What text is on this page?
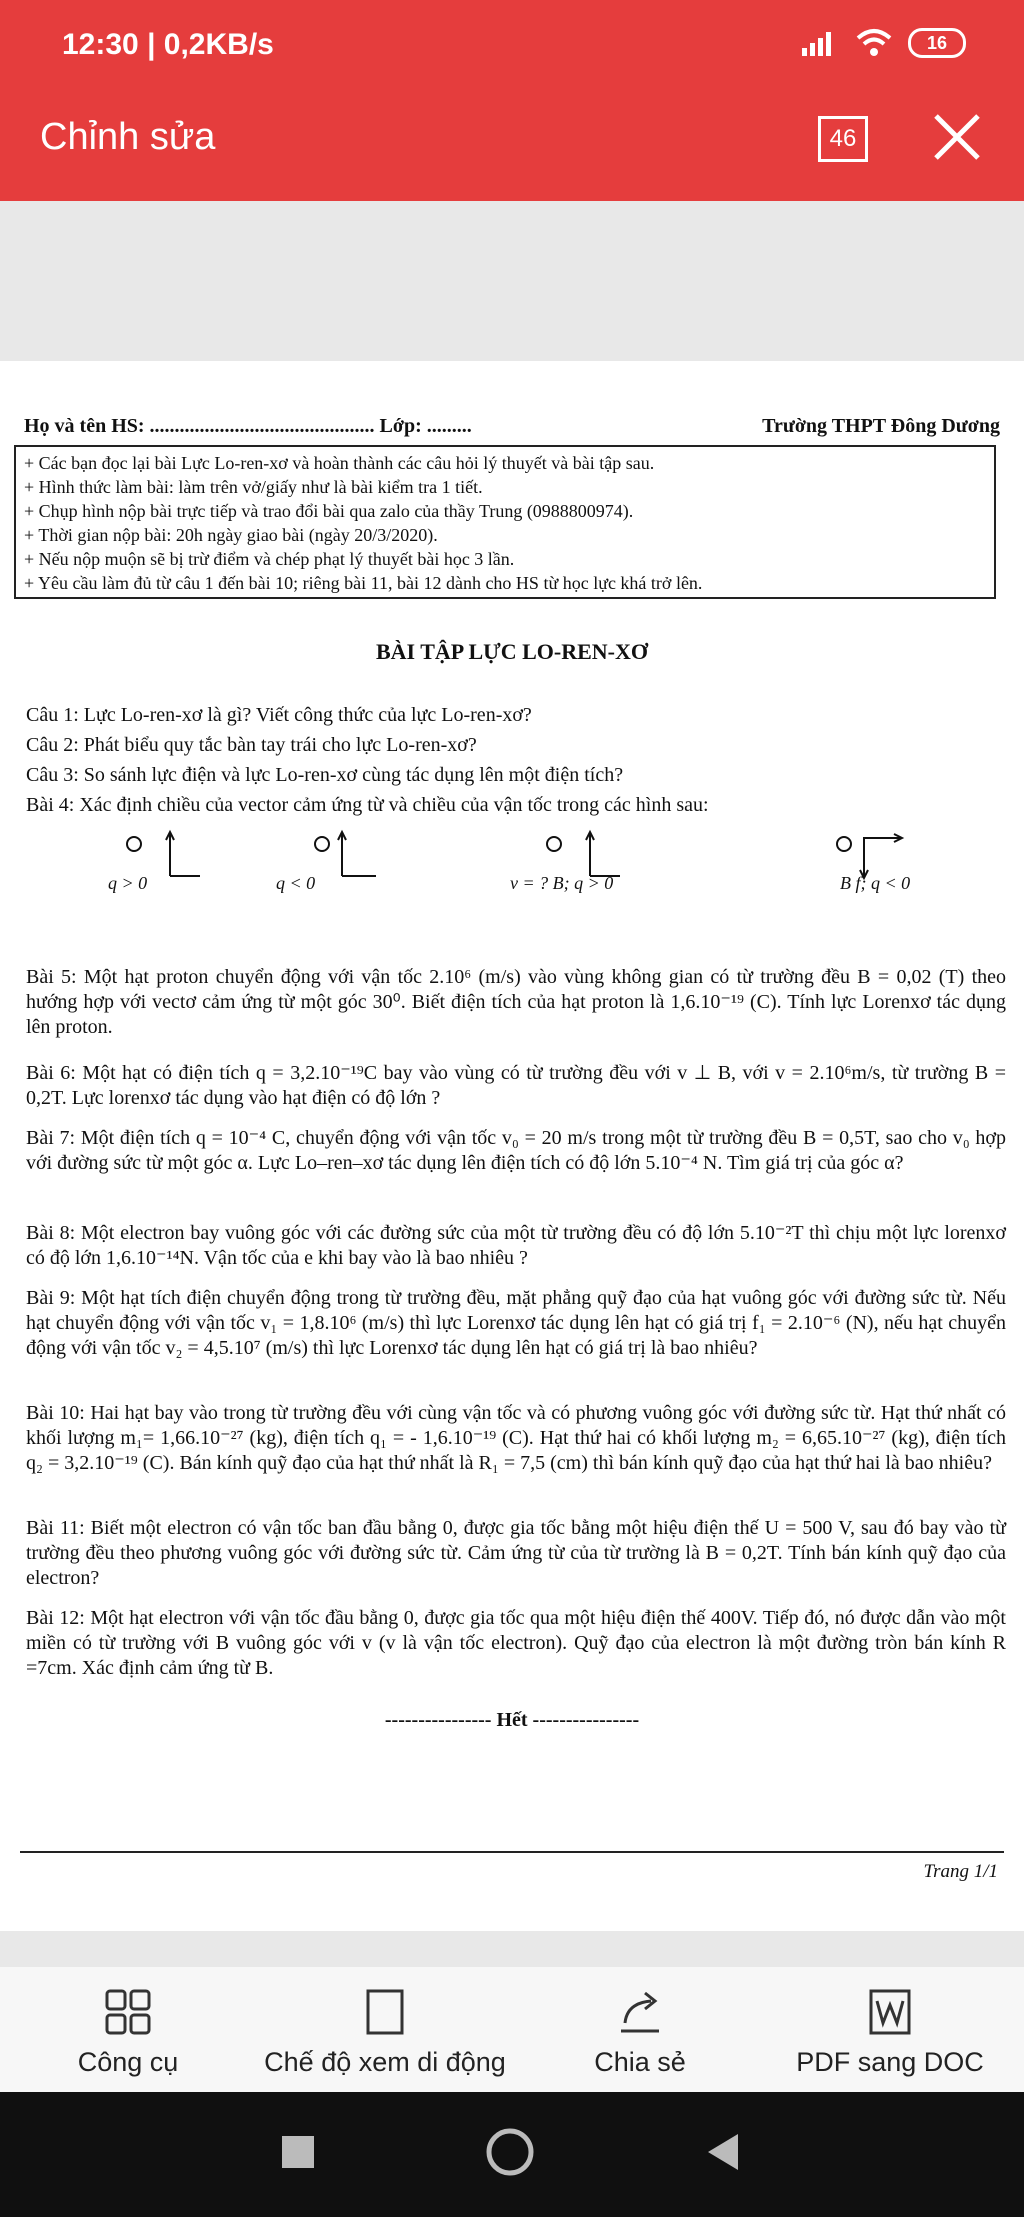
12:30 | 0,2KB/s	16
Chỉnh sửa	46
Họ và tên HS: ............................................. Lớp: .........	Trường THPT Đông Dương
+ Các bạn đọc lại bài Lực Lo-ren-xơ và hoàn thành các câu hỏi lý thuyết và bài tập sau.
+ Hình thức làm bài: làm trên vở/giấy như là bài kiểm tra 1 tiết.
+ Chụp hình nộp bài trực tiếp và trao đổi bài qua zalo của thầy Trung (0988800974).
+ Thời gian nộp bài: 20h ngày giao bài (ngày 20/3/2020).
+ Nếu nộp muộn sẽ bị trừ điểm và chép phạt lý thuyết bài học 3 lần.
+ Yêu cầu làm đủ từ câu 1 đến bài 10; riêng bài 11, bài 12 dành cho HS từ học lực khá trở lên.
BÀI TẬP LỰC LO-REN-XƠ
Câu 1: Lực Lo-ren-xơ là gì? Viết công thức của lực Lo-ren-xơ?
Câu 2: Phát biểu quy tắc bàn tay trái cho lực Lo-ren-xơ?
Câu 3: So sánh lực điện và lực Lo-ren-xơ cùng tác dụng lên một điện tích?
Bài 4: Xác định chiều của vector cảm ứng từ và chiều của vận tốc trong các hình sau:
q > 0	q < 0	v = ? B; q > 0	B f; q < 0
Bài 5: Một hạt proton chuyển động với vận tốc 2.10⁶ (m/s) vào vùng không gian có từ trường đều B = 0,02 (T) theo hướng hợp với vectơ cảm ứng từ một góc 30⁰. Biết điện tích của hạt proton là 1,6.10⁻¹⁹ (C). Tính lực Lorenxơ tác dụng lên proton.
Bài 6: Một hạt có điện tích q = 3,2.10⁻¹⁹C bay vào vùng có từ trường đều với v ⊥ B, với v = 2.10⁶m/s, từ trường B = 0,2T. Lực lorenxơ tác dụng vào hạt điện có độ lớn ?
Bài 7: Một điện tích q = 10⁻⁴ C, chuyển động với vận tốc v₀ = 20 m/s trong một từ trường đều B = 0,5T, sao cho v₀ hợp với đường sức từ một góc α. Lực Lo–ren–xơ tác dụng lên điện tích có độ lớn 5.10⁻⁴ N. Tìm giá trị của góc α?
Bài 8: Một electron bay vuông góc với các đường sức của một từ trường đều có độ lớn 5.10⁻²T thì chịu một lực lorenxơ có độ lớn 1,6.10⁻¹⁴N. Vận tốc của e khi bay vào là bao nhiêu ?
Bài 9: Một hạt tích điện chuyển động trong từ trường đều, mặt phẳng quỹ đạo của hạt vuông góc với đường sức từ. Nếu hạt chuyển động với vận tốc v₁ = 1,8.10⁶ (m/s) thì lực Lorenxơ tác dụng lên hạt có giá trị f₁ = 2.10⁻⁶ (N), nếu hạt chuyển động với vận tốc v₂ = 4,5.10⁷ (m/s) thì lực Lorenxơ tác dụng lên hạt có giá trị là bao nhiêu?
Bài 10: Hai hạt bay vào trong từ trường đều với cùng vận tốc và có phương vuông góc với đường sức từ. Hạt thứ nhất có khối lượng m₁= 1,66.10⁻²⁷ (kg), điện tích q₁ = - 1,6.10⁻¹⁹ (C). Hạt thứ hai có khối lượng m₂ = 6,65.10⁻²⁷ (kg), điện tích q₂ = 3,2.10⁻¹⁹ (C). Bán kính quỹ đạo của hạt thứ nhất là R₁ = 7,5 (cm) thì bán kính quỹ đạo của hạt thứ hai là bao nhiêu?
Bài 11: Biết một electron có vận tốc ban đầu bằng 0, được gia tốc bằng một hiệu điện thế U = 500 V, sau đó bay vào từ trường đều theo phương vuông góc với đường sức từ. Cảm ứng từ của từ trường là B = 0,2T. Tính bán kính quỹ đạo của electron?
Bài 12: Một hạt electron với vận tốc đầu bằng 0, được gia tốc qua một hiệu điện thế 400V. Tiếp đó, nó được dẫn vào một miền có từ trường với B vuông góc với v (v là vận tốc electron). Quỹ đạo của electron là một đường tròn bán kính R =7cm. Xác định cảm ứng từ B.
---------------- Hết ----------------
Trang 1/1
Công cụ	Chế độ xem di động	Chia sẻ	PDF sang DOC
